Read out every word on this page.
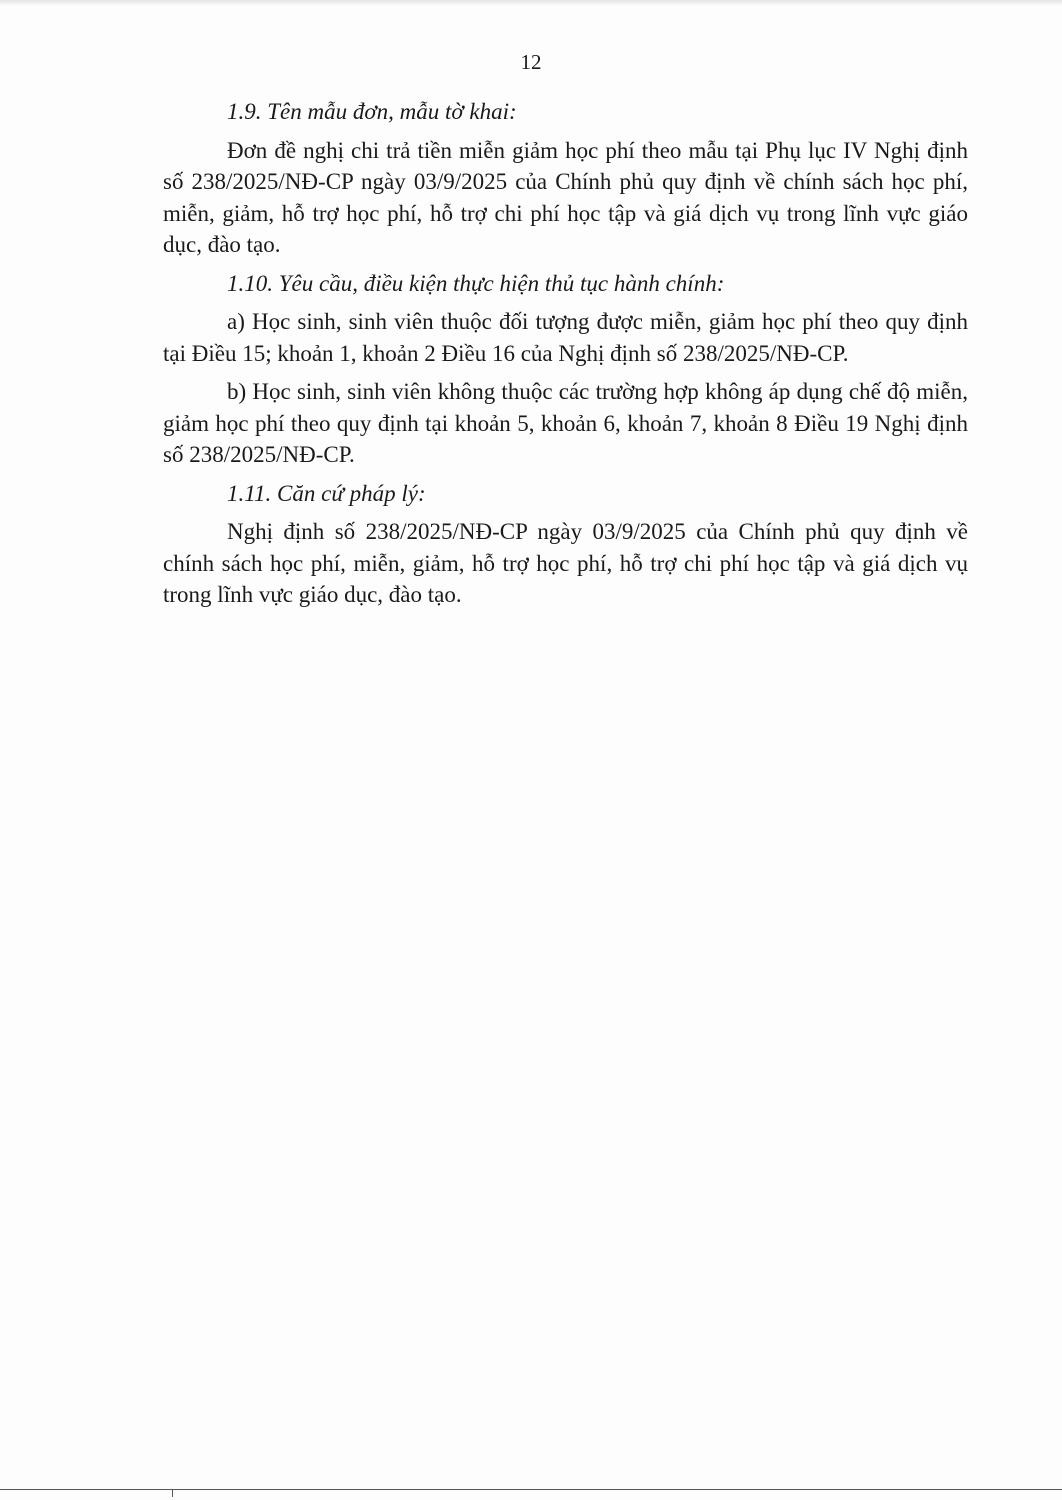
12

1.9. Tên mẫu đơn, mẫu tờ khai:

Đơn đề nghị chi trả tiền miễn giảm học phí theo mẫu tại Phụ lục IV Nghị định số 238/2025/NĐ-CP ngày 03/9/2025 của Chính phủ quy định về chính sách học phí, miễn, giảm, hỗ trợ học phí, hỗ trợ chi phí học tập và giá dịch vụ trong lĩnh vực giáo dục, đào tạo.

1.10. Yêu cầu, điều kiện thực hiện thủ tục hành chính:

a) Học sinh, sinh viên thuộc đối tượng được miễn, giảm học phí theo quy định tại Điều 15; khoản 1, khoản 2 Điều 16 của Nghị định số 238/2025/NĐ-CP.

b) Học sinh, sinh viên không thuộc các trường hợp không áp dụng chế độ miễn, giảm học phí theo quy định tại khoản 5, khoản 6, khoản 7, khoản 8 Điều 19 Nghị định số 238/2025/NĐ-CP.

1.11. Căn cứ pháp lý:

Nghị định số 238/2025/NĐ-CP ngày 03/9/2025 của Chính phủ quy định về chính sách học phí, miễn, giảm, hỗ trợ học phí, hỗ trợ chi phí học tập và giá dịch vụ trong lĩnh vực giáo dục, đào tạo.
